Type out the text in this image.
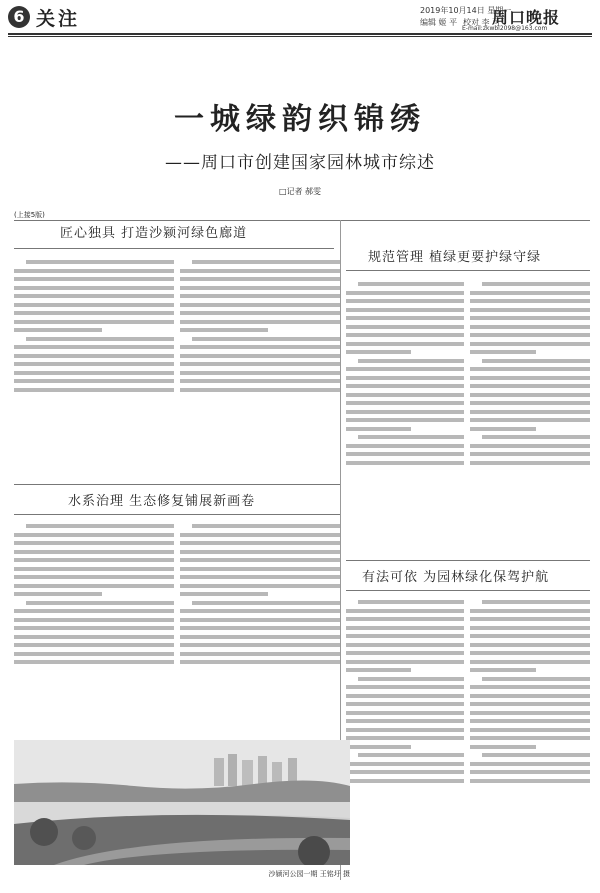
6 关注	2019年10月14日 星期一
编辑 姬 平 校对 李 可
周口晚报
E-mail:zkwbl2098@163.com
一城绿韵织锦绣
——周口市创建国家园林城市综述
□记者 郝雯
(上接5版)
匠心独具 打造沙颍河绿色廊道
规范管理 植绿更要护绿守绿
水系治理 生态修复铺展新画卷
有法可依 为园林绿化保驾护航
沙颍河公园一期 王铭圩 摄
